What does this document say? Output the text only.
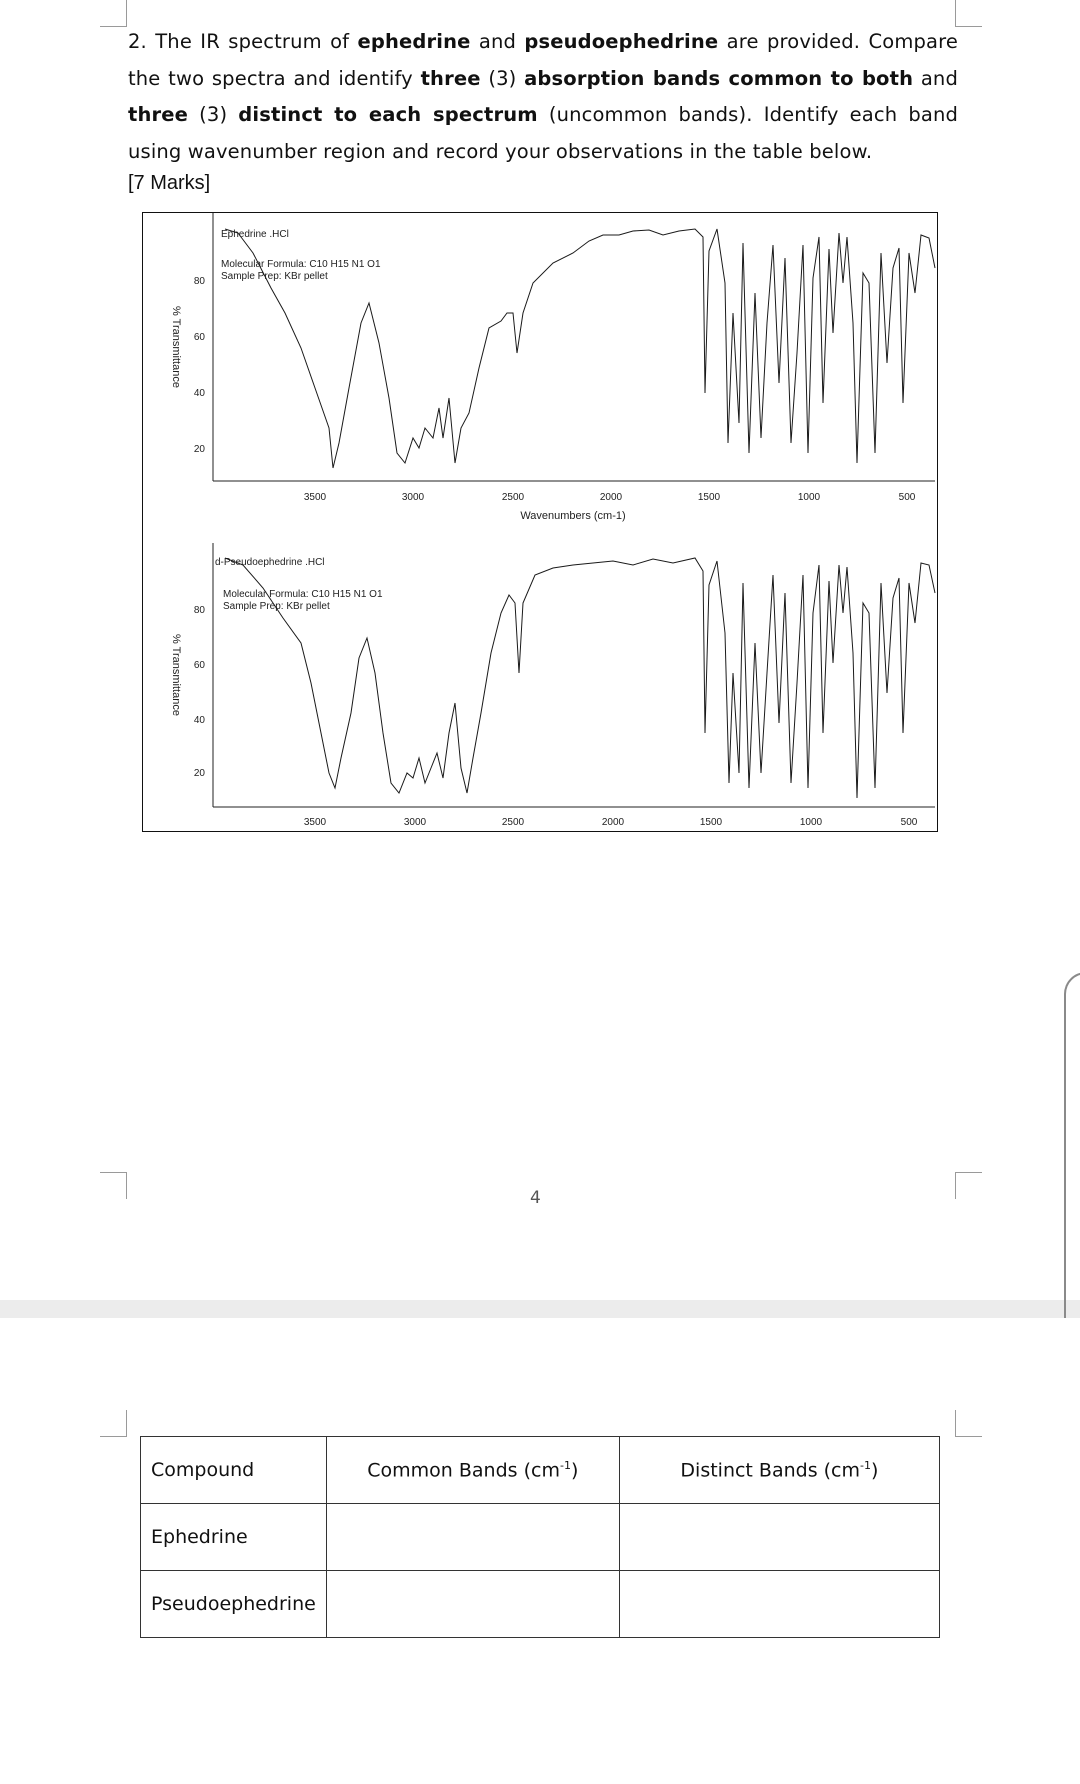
2. The IR spectrum of ephedrine and pseudoephedrine are provided. Compare the two spectra and identify three (3) absorption bands common to both and three (3) distinct to each spectrum (uncommon bands). Identify each band using wavenumber region and record your observations in the table below.
[7 Marks]
% Transmittance
80
60
40
20
3500	3000	2500	2000	1500	1000	500
Wavenumbers (cm-1)
Ephedrine .HCl
Molecular Formula: C10 H15 N1 O1
Sample Prep: KBr pellet
% Transmittance
80
60
40
20
3500	3000	2500	2000	1500	1000	500
d-Pseudoephedrine .HCl
Molecular Formula: C10 H15 N1 O1
Sample Prep: KBr pellet
4
Compound	Common Bands $(cm^{-1})$	Distinct Bands $(cm^{-1})$
Ephedrine		
Pseudoephedrine		
